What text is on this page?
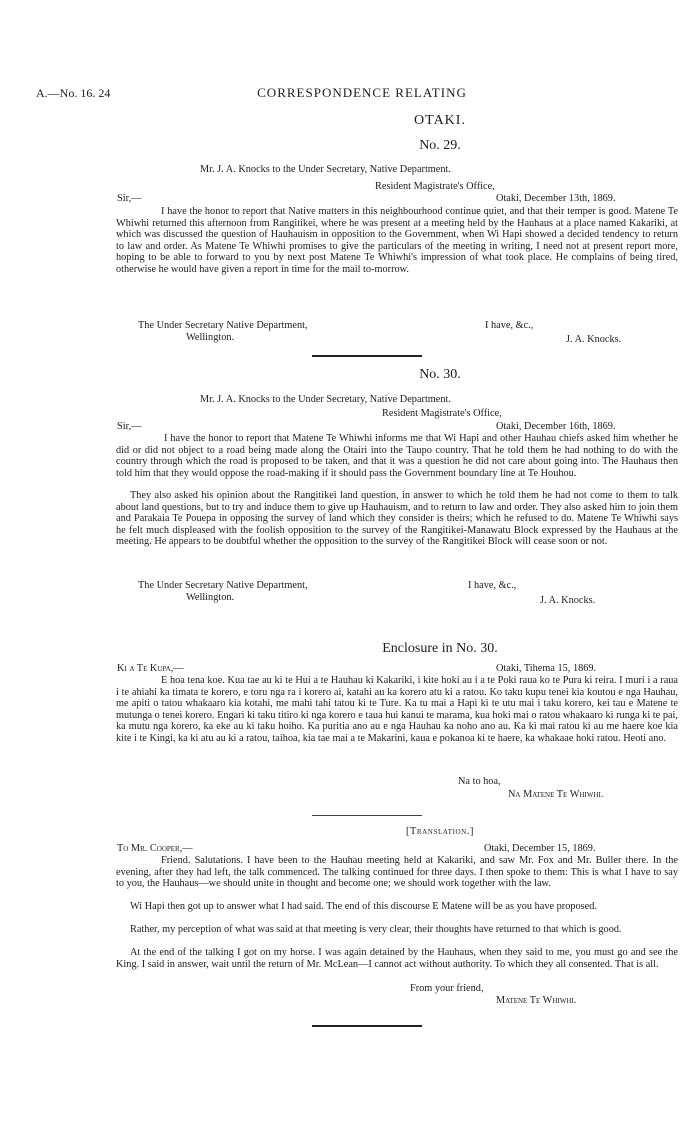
A.—No. 16. 24	CORRESPONDENCE RELATING
OTAKI.
No. 29.
Mr. J. A. Knocks to the Under Secretary, Native Department.
Resident Magistrate's Office,
Sir,—	Otaki, December 13th, 1869.

I have the honor to report that Native matters in this neighbourhood continue quiet, and that their temper is good. Matene Te Whiwhi returned this afternoon from Rangitikei, where he was present at a meeting held by the Hauhaus at a place named Kakariki, at which was discussed the question of Hauhauism in opposition to the Government, when Wi Hapi showed a decided tendency to return to law and order. As Matene Te Whiwhi promises to give the particulars of the meeting in writing, I need not at present report more, hoping to be able to forward to you by next post Matene Te Whiwhi's impression of what took place. He complains of being tired, otherwise he would have given a report in time for the mail to-morrow.

The Under Secretary Native Department,	I have, &c.,
Wellington.	J. A. Knocks.
No. 30.
Mr. J. A. Knocks to the Under Secretary, Native Department.
Resident Magistrate's Office,
Sir,—	Otaki, December 16th, 1869.

I have the honor to report that Matene Te Whiwhi informs me that Wi Hapi and other Hauhau chiefs asked him whether he did or did not object to a road being made along the Otairi into the Taupo country. That he told them he had nothing to do with the country through which the road is proposed to be taken, and that it was a question he did not care about going into. The Hauhaus then told him that they would oppose the road-making if it should pass the Government boundary line at Te Houhou.

They also asked his opinion about the Rangitikei land question, in answer to which he told them he had not come to them to talk about land questions, but to try and induce them to give up Hauhauism, and to return to law and order. They also asked him to join them and Parakaia Te Pouepa in opposing the survey of land which they consider is theirs; which he refused to do. Matene Te Whiwhi says he felt much displeased with the foolish opposition to the survey of the Rangitikei-Manawatu Block expressed by the Hauhaus at the meeting. He appears to be doubtful whether the opposition to the survey of the Rangitikei Block will cease soon or not.

The Under Secretary Native Department,	I have, &c.,
Wellington.	J. A. Knocks.
Enclosure in No. 30.
Ki a Te Kupa,—	Otaki, Tihema 15, 1869.

E hoa tena koe. Kua tae au ki te Hui a te Hauhau ki Kakariki, i kite hoki au i a te Poki raua ko te Pura ki reira. I muri i a raua i te ahiahi ka timata te korero, e toru nga ra i korero ai, katahi au ka korero atu ki a ratou. Ko taku kupu tenei kia koutou e nga Hauhau, me apiti o tatou whakaaro kia kotahi, me mahi tahi tatou ki te Ture. Ka tu mai a Hapi ki te utu mai i taku korero, kei tau e Matene te mutunga o tenei korero. Engari ki taku titiro ki nga korero e taua hui kanui te marama, kua hoki mai o ratou whakaaro ki runga ki te pai, ka mutu nga korero, ka eke au ki taku hoiho. Ka puritia ano au e nga Hauhau ka noho ano au. Ka ki mai ratou ki au me haere koe kia kite i te Kingi, ka ki atu au ki a ratou, taihoa, kia tae mai a te Makarini, kaua e pokanoa ki te haere, ka whakaae hoki ratou. Heoti ano.

Na to hoa,
Na Matene Te Whiwhi.
[Translation.]
To Mr. Cooper,—	Otaki, December 15, 1869.

Friend. Salutations. I have been to the Hauhau meeting held at Kakariki, and saw Mr. Fox and Mr. Buller there. In the evening, after they had left, the talk commenced. The talking continued for three days. I then spoke to them: This is what I have to say to you, the Hauhaus—we should unite in thought and become one; we should work together with the law.

Wi Hapi then got up to answer what I had said. The end of this discourse E Matene will be as you have proposed.

Rather, my perception of what was said at that meeting is very clear, their thoughts have returned to that which is good.

At the end of the talking I got on my horse. I was again detained by the Hauhaus, when they said to me, you must go and see the King. I said in answer, wait until the return of Mr. McLean—I cannot act without authority. To which they all consented. That is all.

From your friend,
Matene Te Whiwhi.
